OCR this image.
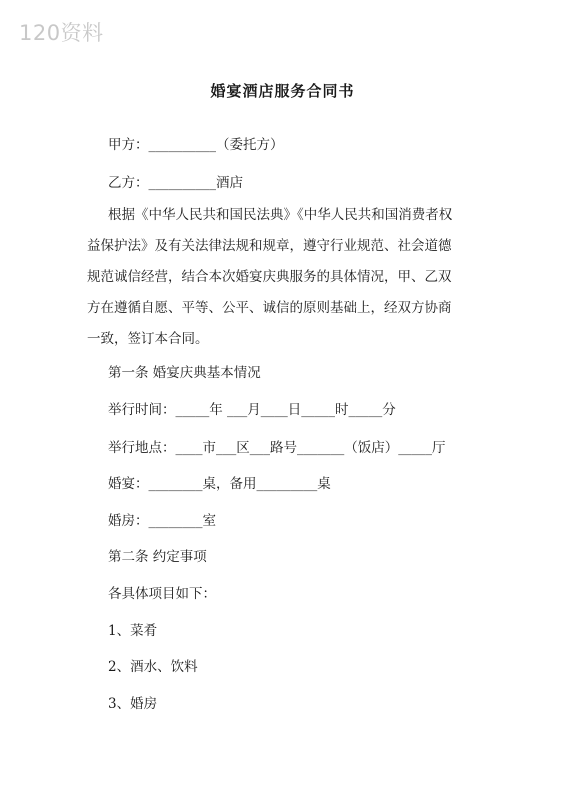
120资料
婚宴酒店服务合同书
甲方：__________（委托方）
乙方：__________酒店
根据《中华人民共和国民法典》《中华人民共和国消费者权
益保护法》及有关法律法规和规章，遵守行业规范、社会道德
规范诚信经营，结合本次婚宴庆典服务的具体情况，甲、乙双
方在遵循自愿、平等、公平、诚信的原则基础上，经双方协商
一致，签订本合同。
第一条 婚宴庆典基本情况
举行时间：_____年 ___月____日_____时_____分
举行地点：____市___区___路号_______（饭店）_____厅
婚宴：________桌，备用_________桌
婚房：________室
第二条 约定事项
各具体项目如下：
1、菜肴
2、酒水、饮料
3、婚房
